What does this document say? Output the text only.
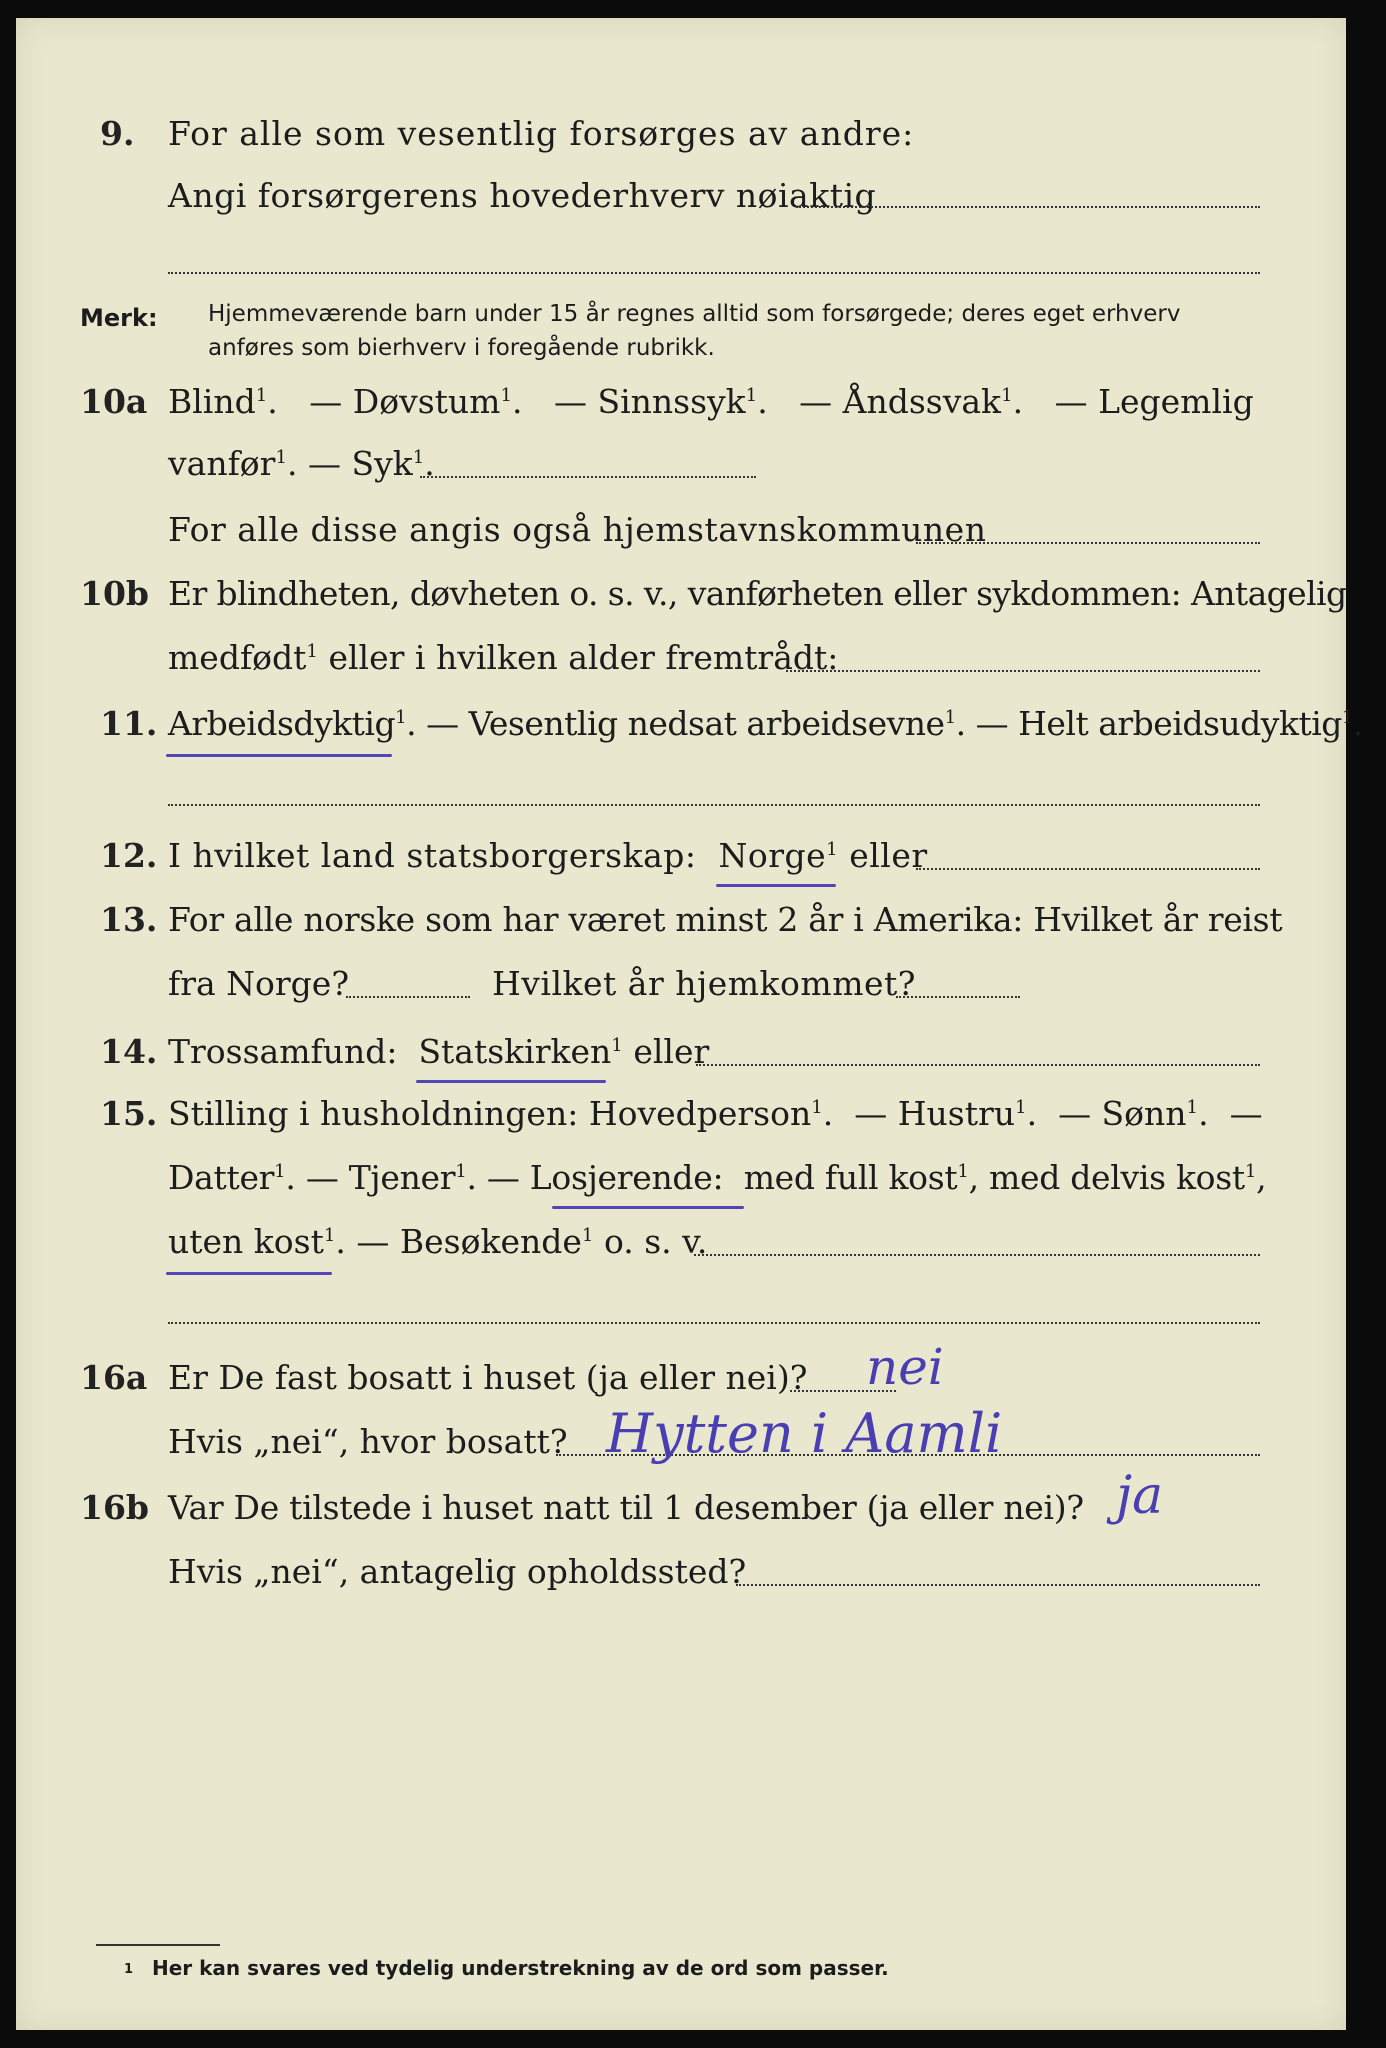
9. For alle som vesentlig forsørges av andre:
Angi forsørgerens hovederhverv nøiaktig
Merk: Hjemmeværende barn under 15 år regnes alltid som forsørgede; deres eget erhverv
anføres som bierhverv i foregående rubrikk.
10a Blind$^1$.   — Døvstum$^1$.   — Sinnssyk$^1$.   — Åndssvak$^1$.   — Legemlig
vanfør$^1$. — Syk$^1$.
For alle disse angis også hjemstavnskommunen
10b Er blindheten, døvheten o. s. v., vanførheten eller sykdommen: Antagelig
medfødt$^1$ eller i hvilken alder fremtrådt:
11. Arbeidsdyktig$^1$. — Vesentlig nedsat arbeidsevne$^1$. — Helt arbeidsudyktig$^1$.
12. I hvilket land statsborgerskap: Norge$^1$ eller
13. For alle norske som har været minst 2 år i Amerika: Hvilket år reist
fra Norge?	Hvilket år hjemkommet?
14. Trossamfund: Statskirken$^1$ eller
15. Stilling i husholdningen: Hovedperson$^1$.  — Hustru$^1$.  — Sønn$^1$.  —
Datter$^1$. — Tjener$^1$. — Losjerende: med full kost$^1$, med delvis kost$^1$,
uten kost$^1$. — Besøkende$^1$ o. s. v.
16a Er De fast bosatt i huset (ja eller nei)? nei
Hvis „nei“, hvor bosatt? Hytten i Aamli
16b Var De tilstede i huset natt til 1 desember (ja eller nei)? ja
Hvis „nei“, antagelig opholdssted?
1 Her kan svares ved tydelig understrekning av de ord som passer.
